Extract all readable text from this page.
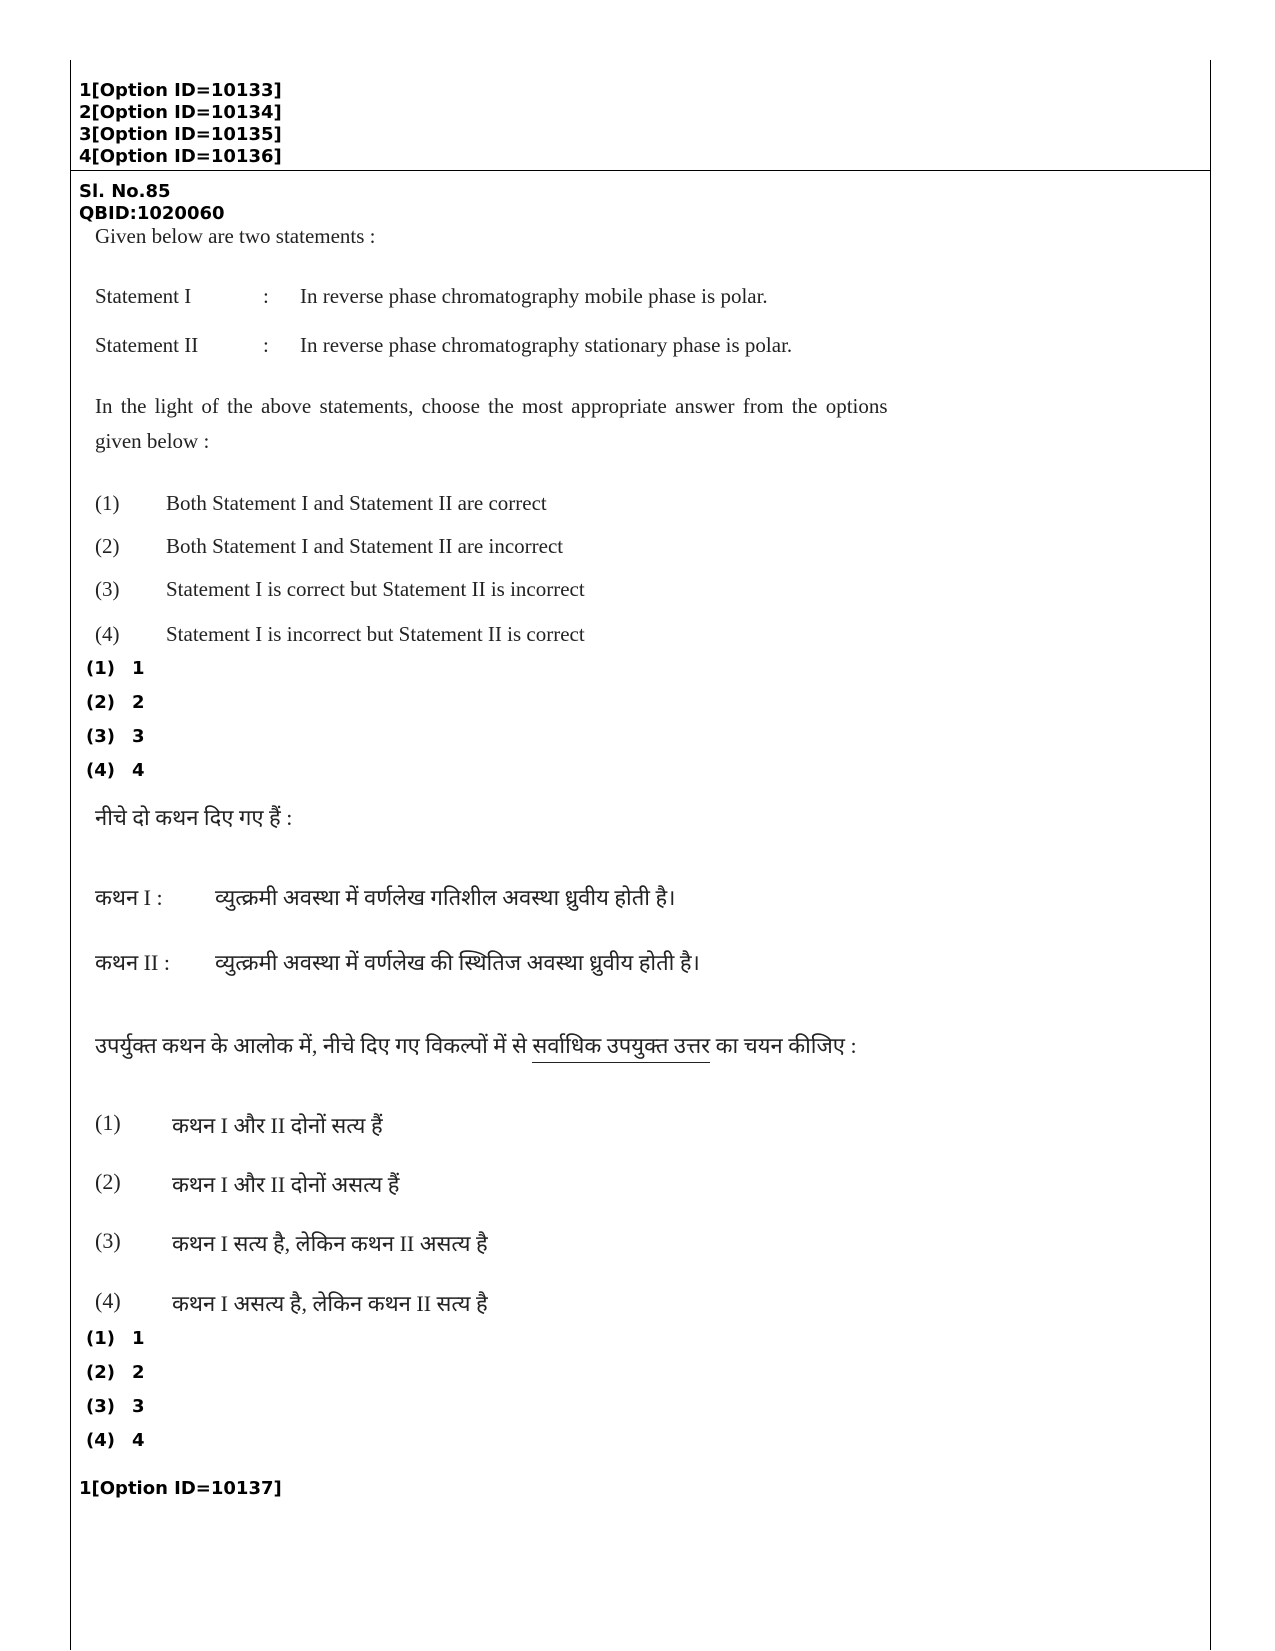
1[Option ID=10133]
2[Option ID=10134]
3[Option ID=10135]
4[Option ID=10136]
Sl. No.85
QBID:1020060
Given below are two statements :
Statement I	: In reverse phase chromatography mobile phase is polar.
Statement II	: In reverse phase chromatography stationary phase is polar.
In the light of the above statements, choose the most appropriate answer from the options
given below :
(1) Both Statement I and Statement II are correct
(2) Both Statement I and Statement II are incorrect
(3) Statement I is correct but Statement II is incorrect
(4) Statement I is incorrect but Statement II is correct
(1) 1
(2) 2
(3) 3
(4) 4
नीचे दो कथन दिए गए हैं :
कथन I : व्युत्क्रमी अवस्था में वर्णलेख गतिशील अवस्था ध्रुवीय होती है।
कथन II : व्युत्क्रमी अवस्था में वर्णलेख की स्थितिज अवस्था ध्रुवीय होती है।
उपर्युक्त कथन के आलोक में, नीचे दिए गए विकल्पों में से सर्वाधिक उपयुक्त उत्तर का चयन कीजिए :
(1) कथन I और II दोनों सत्य हैं
(2) कथन I और II दोनों असत्य हैं
(3) कथन I सत्य है, लेकिन कथन II असत्य है
(4) कथन I असत्य है, लेकिन कथन II सत्य है
(1) 1
(2) 2
(3) 3
(4) 4
1[Option ID=10137]
